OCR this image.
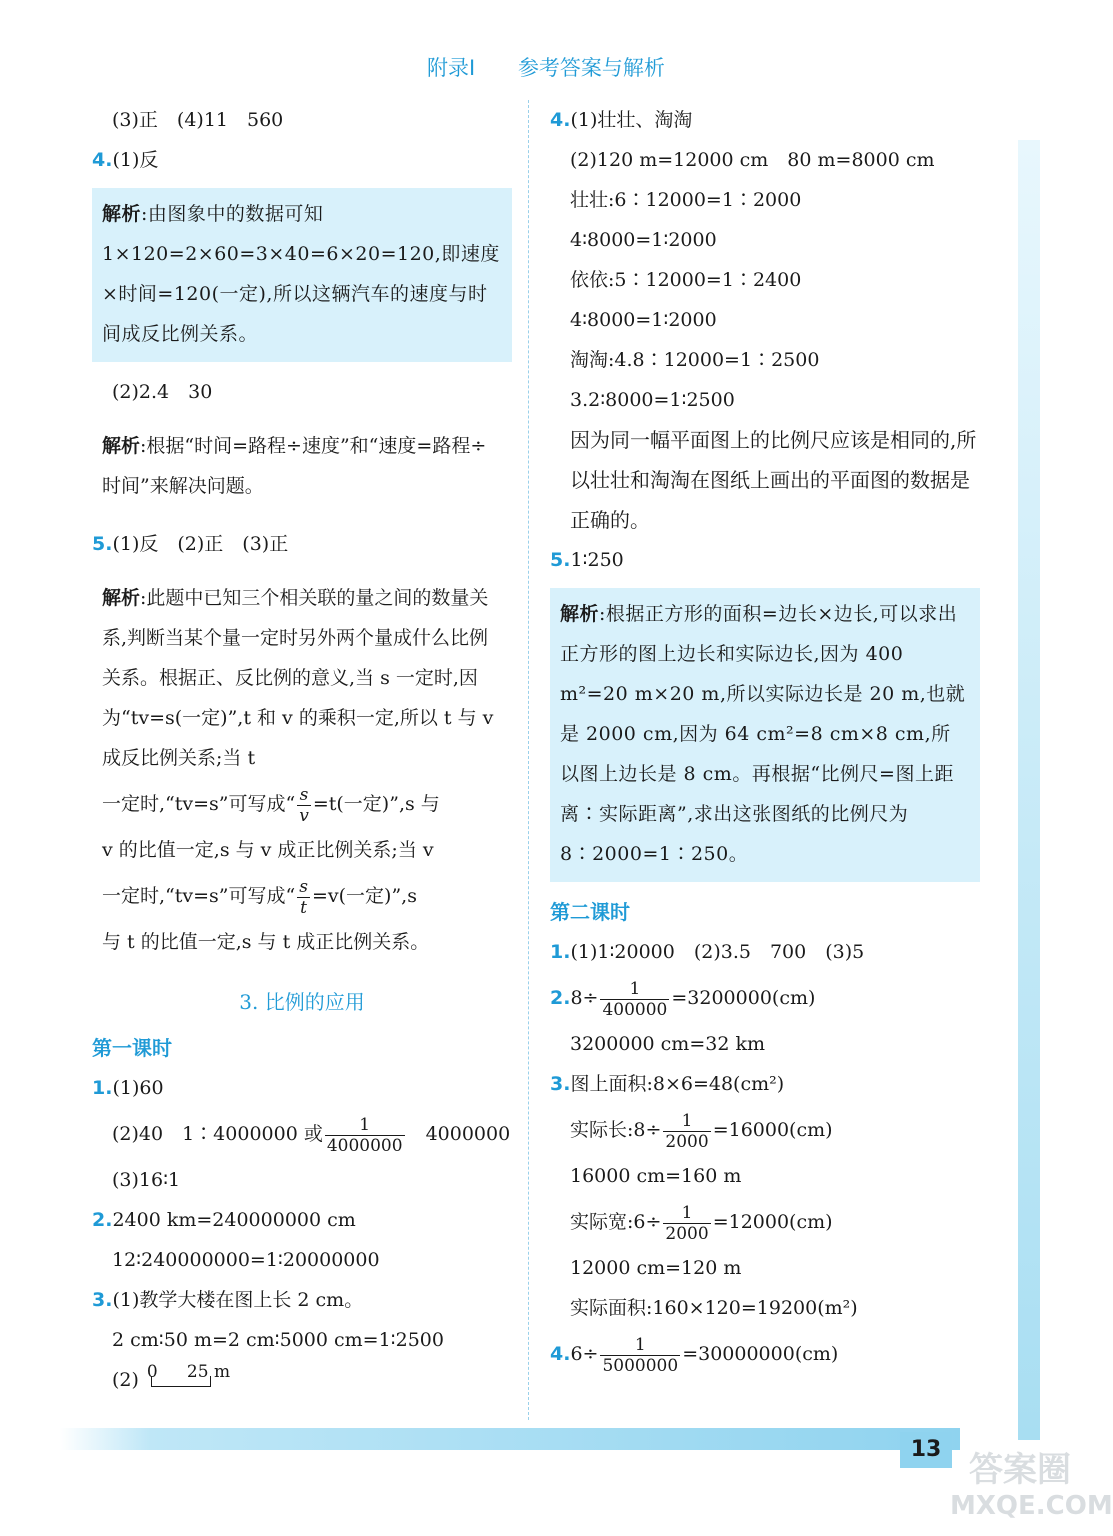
附录Ⅰ 参考答案与解析
(3)正　(4)11　560
4.(1)反
解析:由图象中的数据可知 1×120=2×60=3×40=6×20=120,即速度×时间=120(一定),所以这辆汽车的速度与时间成反比例关系。
(2)2.4　30
解析:根据“时间=路程÷速度”和“速度=路程÷时间”来解决问题。
5.(1)反　(2)正　(3)正
解析:此题中已知三个相关联的量之间的数量关系,判断当某个量一定时另外两个量成什么比例关系。根据正、反比例的意义,当 s 一定时,因为“tv=s(一定)”,t 和 v 的乘积一定,所以 t 与 v 成反比例关系;当 t
一定时,“tv=s”可写成“ $\frac{s}{v} =t$(一定)”,s 与
v 的比值一定,s 与 v 成正比例关系;当 v
一定时,“tv=s”可写成“ $\frac{s}{t} =v$(一定)”,s
与 t 的比值一定,s 与 t 成正比例关系。
3. 比例的应用
第一课时
1.(1)60
(2)40　1∶4000000 或 $\frac{1}{4000000}$ 　4000000
(3)16∶1
2.2400 km=240000000 cm
12∶240000000=1∶20000000
3.(1)教学大楼在图上长 2 cm。
2 cm∶50 m=2 cm∶5000 cm=1∶2500
(2) 0 25 m
4.(1)壮壮、淘淘
(2)120 m=12000 cm　80 m=8000 cm
壮壮:6∶12000=1∶2000
4∶8000=1∶2000
依依:5∶12000=1∶2400
4∶8000=1∶2000
淘淘:4.8∶12000=1∶2500
3.2∶8000=1∶2500
因为同一幅平面图上的比例尺应该是相同的,所以壮壮和淘淘在图纸上画出的平面图的数据是正确的。
5.1∶250
解析:根据正方形的面积=边长×边长,可以求出正方形的图上边长和实际边长,因为 400 m²=20 m×20 m,所以实际边长是 20 m,也就是 2000 cm,因为 64 cm²=8 cm×8 cm,所以图上边长是 8 cm。再根据“比例尺=图上距离∶实际距离”,求出这张图纸的比例尺为 8∶2000=1∶250。
第二课时
1.(1)1∶20000　(2)3.5　700　(3)5
$2.8\div \frac{1}{400000} =3200000(cm)$
3200000 cm=32 km
3.图上面积:8×6=48(cm²)
实际长:8÷ $\frac{1}{2000} =16000(cm)$
16000 cm=160 m
实际宽:6÷ $\frac{1}{2000} =12000(cm)$
12000 cm=120 m
实际面积:160×120=19200(m²)
$4.6\div \frac{1}{5000000} =30000000(cm)$
13
答案圈
MXQE.COM
